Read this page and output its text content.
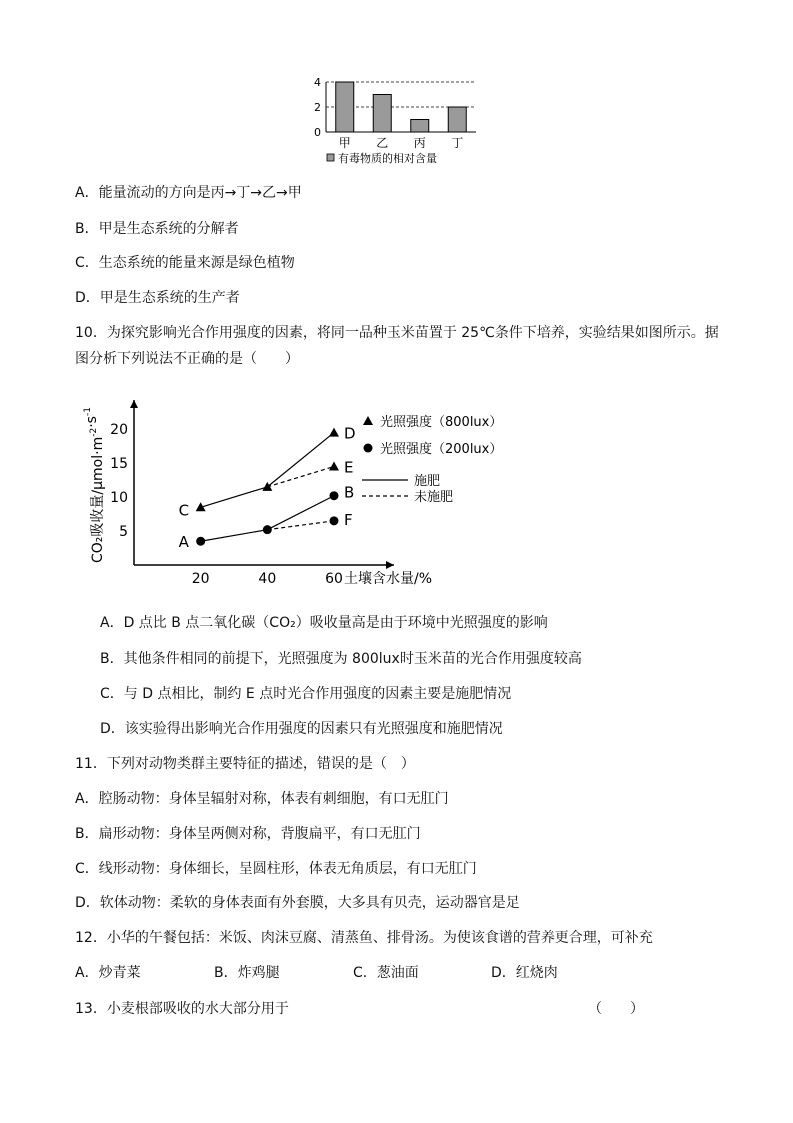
0
2
4
甲 乙 丙 丁
有毒物质的相对含量
A．能量流动的方向是丙→丁→乙→甲
B．甲是生态系统的分解者
C．生态系统的能量来源是绿色植物
D．甲是生态系统的生产者
10．为探究影响光合作用强度的因素，将同一品种玉米苗置于 25℃条件下培养，实验结果如图所示。据
图分析下列说法不正确的是（　　）
5
10
15
20
20	40	60 土壤含水量/%
CO₂吸收量$/\mu mol\cdot m^{-2}\cdot s^{-1}$
C
D
E
A
B
F
光照强度（800lux）
光照强度（200lux）
施肥
未施肥
A．D 点比 B 点二氧化碳（CO₂）吸收量高是由于环境中光照强度的影响
B．其他条件相同的前提下，光照强度为 800lux时玉米苗的光合作用强度较高
C．与 D 点相比，制约 E 点时光合作用强度的因素主要是施肥情况
D．该实验得出影响光合作用强度的因素只有光照强度和施肥情况
11．下列对动物类群主要特征的描述，错误的是（　）
A．腔肠动物：身体呈辐射对称，体表有刺细胞，有口无肛门
B．扁形动物：身体呈两侧对称，背腹扁平，有口无肛门
C．线形动物：身体细长，呈圆柱形，体表无角质层，有口无肛门
D．软体动物：柔软的身体表面有外套膜，大多具有贝壳，运动器官是足
12．小华的午餐包括：米饭、肉沫豆腐、清蒸鱼、排骨汤。为使该食谱的营养更合理，可补充
A．炒青菜	B．炸鸡腿	C．葱油面	D．红烧肉
13．小麦根部吸收的水大部分用于	（　　）
